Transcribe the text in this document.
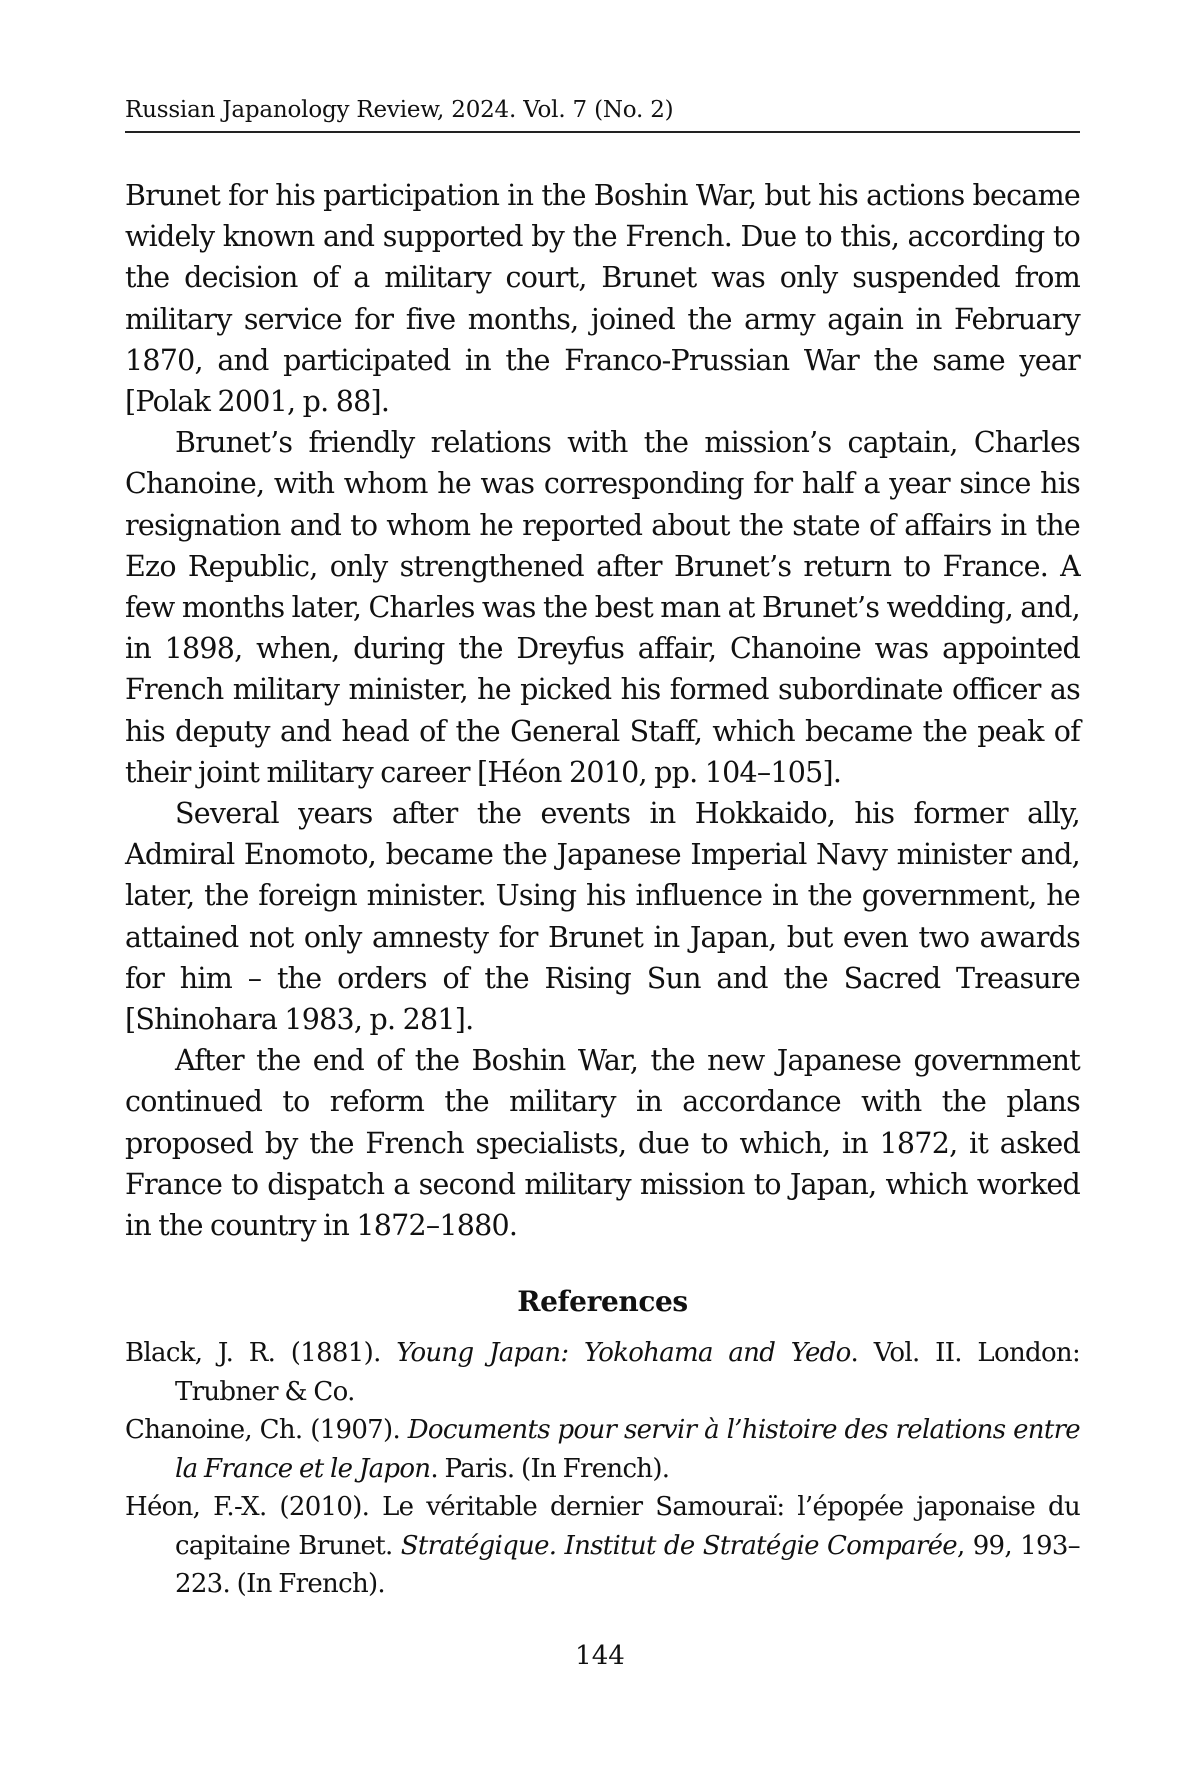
Russian Japanology Review, 2024. Vol. 7 (No. 2)

Brunet for his participation in the Boshin War, but his actions became widely known and supported by the French. Due to this, according to the decision of a military court, Brunet was only suspended from military service for five months, joined the army again in February 1870, and participated in the Franco-Prussian War the same year [Polak 2001, p. 88].

Brunet’s friendly relations with the mission’s captain, Charles Chanoine, with whom he was corresponding for half a year since his resignation and to whom he reported about the state of affairs in the Ezo Republic, only strengthened after Brunet’s return to France. A few months later, Charles was the best man at Brunet’s wedding, and, in 1898, when, during the Dreyfus affair, Chanoine was appointed French military minister, he picked his formed subordinate officer as his deputy and head of the General Staff, which became the peak of their joint military career [Héon 2010, pp. 104–105].

Several years after the events in Hokkaido, his former ally, Admiral Enomoto, became the Japanese Imperial Navy minister and, later, the foreign minister. Using his influence in the government, he attained not only amnesty for Brunet in Japan, but even two awards for him – the orders of the Rising Sun and the Sacred Treasure [Shinohara 1983, p. 281].

After the end of the Boshin War, the new Japanese government continued to reform the military in accordance with the plans proposed by the French specialists, due to which, in 1872, it asked France to dispatch a second military mission to Japan, which worked in the country in 1872–1880.

References
Black, J. R. (1881). Young Japan: Yokohama and Yedo. Vol. II. London: Trubner & Co.
Chanoine, Ch. (1907). Documents pour servir à l’histoire des relations entre la France et le Japon. Paris. (In French).
Héon, F.-X. (2010). Le véritable dernier Samouraï: l’épopée japonaise du capitaine Brunet. Stratégique. Institut de Stratégie Comparée, 99, 193–223. (In French).
144
